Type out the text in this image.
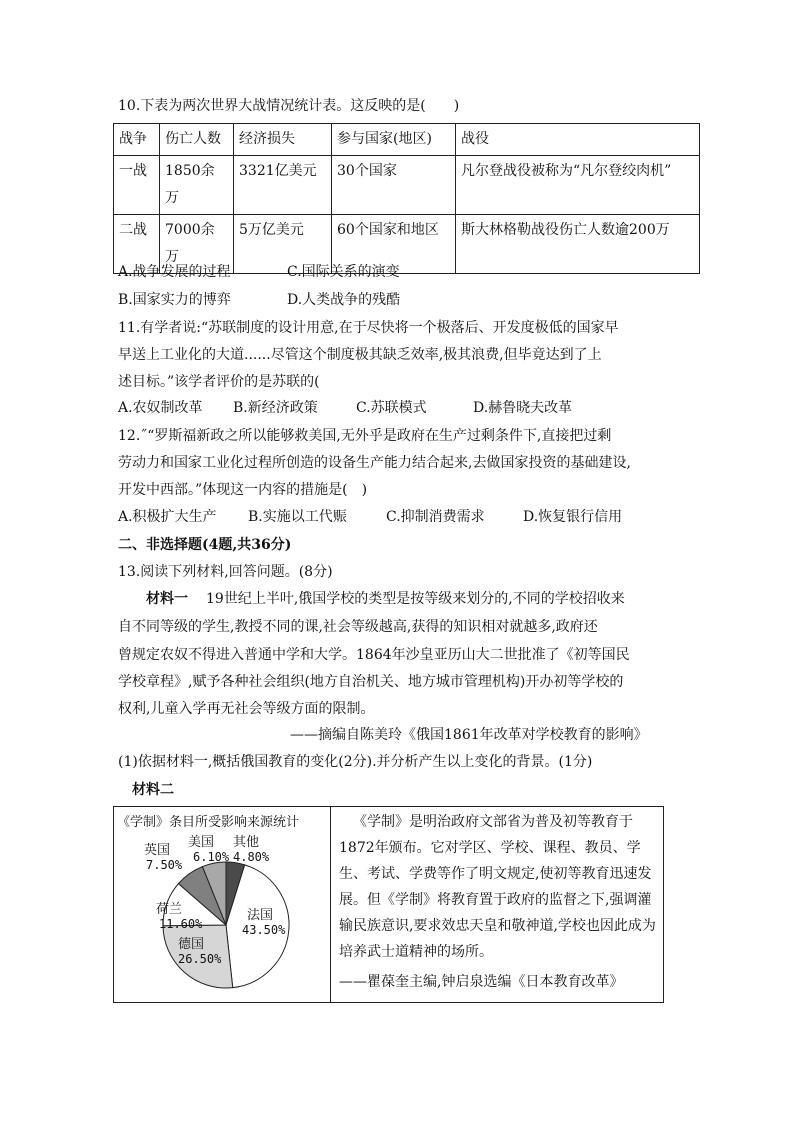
10.下表为两次世界大战情况统计表。这反映的是(　　)
战争	伤亡人数	经济损失	参与国家(地区)	战役
一战	1850余万	3321亿美元	30个国家	凡尔登战役被称为“凡尔登绞肉机”
二战	7000余万	5万亿美元	60个国家和地区	斯大林格勒战役伤亡人数逾200万
A.战争发展的过程	C.国际关系的演变
B.国家实力的博弈	D.人类战争的残酷
11.有学者说:“苏联制度的设计用意,在于尽快将一个极落后、开发度极低的国家早
早送上工业化的大道......尽管这个制度极其缺乏效率,极其浪费,但毕竟达到了上
述目标。”该学者评价的是苏联的(
A.农奴制改革 B.新经济政策	C.苏联模式	D.赫鲁晓夫改革
12.˝“罗斯福新政之所以能够救美国,无外乎是政府在生产过剩条件下,直接把过剩
劳动力和国家工业化过程所创造的设备生产能力结合起来,去做国家投资的基础建设,
开发中西部。”体现这一内容的措施是(　)
A.积极扩大生产 B.实施以工代赈	C.抑制消费需求	D.恢复银行信用
二、非选择题(4题,共36分)
13.阅读下列材料,回答问题。(8分)
材料一 19世纪上半叶,俄国学校的类型是按等级来划分的,不同的学校招收来
自不同等级的学生,教授不同的课,社会等级越高,获得的知识相对就越多,政府还
曾规定农奴不得进入普通中学和大学。1864年沙皇亚历山大二世批准了《初等国民
学校章程》,赋予各种社会组织(地方自治机关、地方城市管理机构)开办初等学校的
权利,儿童入学再无社会等级方面的限制。
——摘编自陈美玲《俄国1861年改革对学校教育的影响》
(1)依据材料一,概括俄国教育的变化(2分).并分析产生以上变化的背景。(1分)
材料二
《学制》条目所受影响来源统计
法国
43.50%
德国
26.50%
荷兰
11.60%
英国
7.50%
美国
6.10%
其他
4.80%
《学制》是明治政府文部省为普及初等教育于1872年颁布。它对学区、学校、课程、教员、学生、考试、学费等作了明文规定,使初等教育迅速发展。但《学制》将教育置于政府的监督之下,强调灌输民族意识,要求效忠天皇和敬神道,学校也因此成为培养武士道精神的场所。
——瞿葆奎主编,钟启泉选编《日本教育改革》
